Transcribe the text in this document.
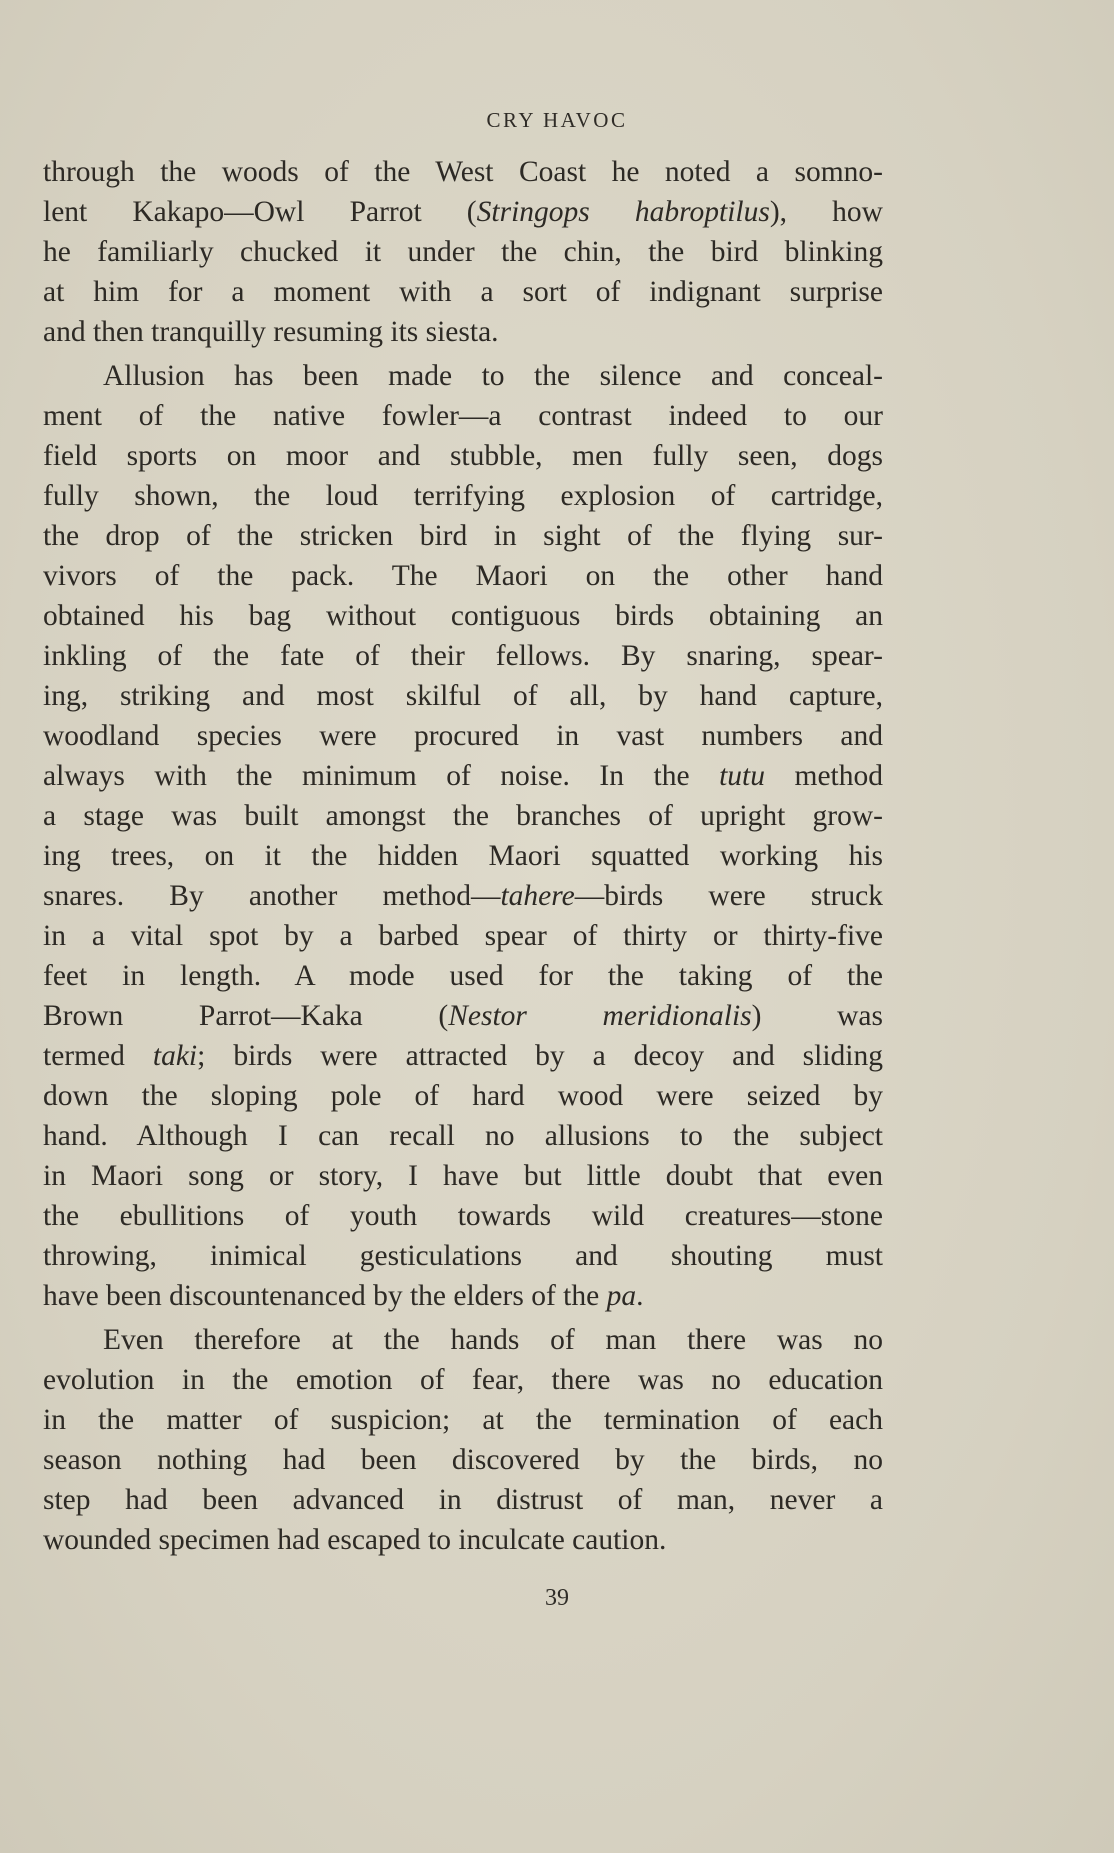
CRY HAVOC
through the woods of the West Coast he noted a somno-
lent Kakapo—Owl Parrot (Stringops habroptilus), how
he familiarly chucked it under the chin, the bird blinking
at him for a moment with a sort of indignant surprise
and then tranquilly resuming its siesta.
Allusion has been made to the silence and conceal-
ment of the native fowler—a contrast indeed to our
field sports on moor and stubble, men fully seen, dogs
fully shown, the loud terrifying explosion of cartridge,
the drop of the stricken bird in sight of the flying sur-
vivors of the pack. The Maori on the other hand
obtained his bag without contiguous birds obtaining an
inkling of the fate of their fellows. By snaring, spear-
ing, striking and most skilful of all, by hand capture,
woodland species were procured in vast numbers and
always with the minimum of noise. In the tutu method
a stage was built amongst the branches of upright grow-
ing trees, on it the hidden Maori squatted working his
snares. By another method—tahere—birds were struck
in a vital spot by a barbed spear of thirty or thirty-five
feet in length. A mode used for the taking of the
Brown Parrot—Kaka (Nestor meridionalis) was
termed taki; birds were attracted by a decoy and sliding
down the sloping pole of hard wood were seized by
hand. Although I can recall no allusions to the subject
in Maori song or story, I have but little doubt that even
the ebullitions of youth towards wild creatures—stone
throwing, inimical gesticulations and shouting must
have been discountenanced by the elders of the pa.
Even therefore at the hands of man there was no
evolution in the emotion of fear, there was no education
in the matter of suspicion; at the termination of each
season nothing had been discovered by the birds, no
step had been advanced in distrust of man, never a
wounded specimen had escaped to inculcate caution.
39
